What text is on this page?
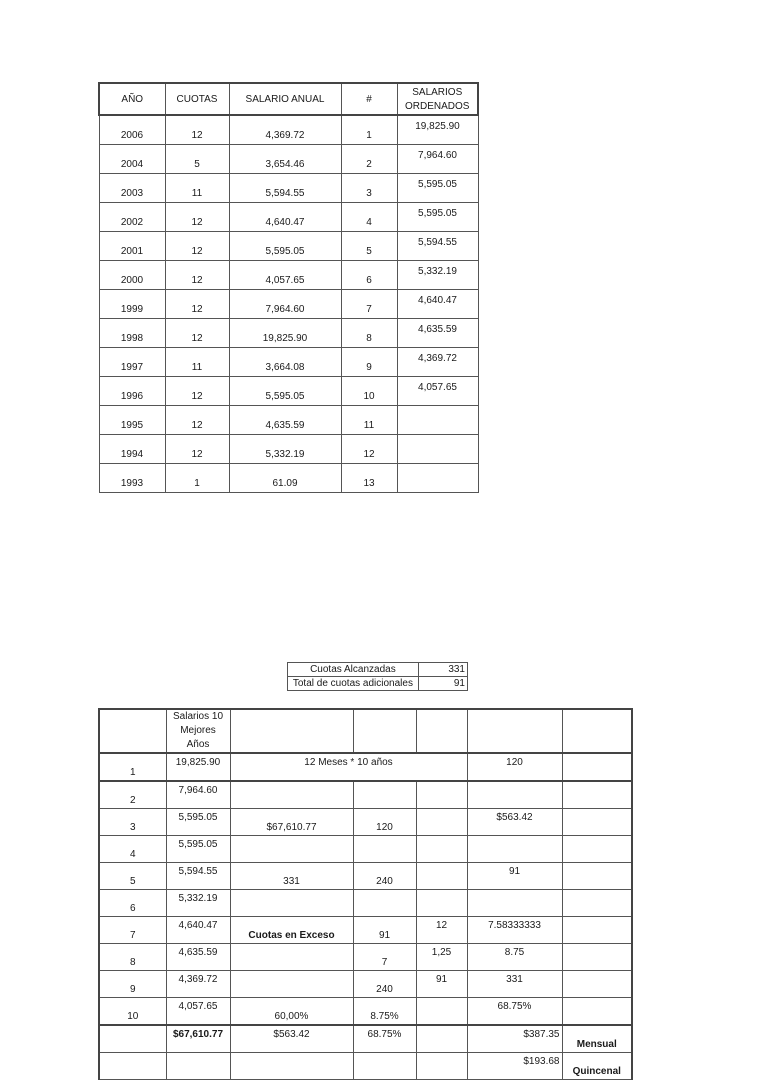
AÑO	CUOTAS	SALARIO ANUAL	#	SALARIOS ORDENADOS
2006	12	4,369.72	1	19,825.90
2004	5	3,654.46	2	7,964.60
2003	11	5,594.55	3	5,595.05
2002	12	4,640.47	4	5,595.05
2001	12	5,595.05	5	5,594.55
2000	12	4,057.65	6	5,332.19
1999	12	7,964.60	7	4,640.47
1998	12	19,825.90	8	4,635.59
1997	11	3,664.08	9	4,369.72
1996	12	5,595.05	10	4,057.65
1995	12	4,635.59	11	
1994	12	5,332.19	12	
1993	1	61.09	13	
Cuotas Alcanzadas	331
Total de cuotas adicionales	91
	Salarios 10 Mejores Años					
1	19,825.90	12 Meses * 10 años			120	
2	7,964.60					
3	5,595.05	$67,610.77	120		$563.42	
4	5,595.05					
5	5,594.55	331	240		91	
6	5,332.19					
7	4,640.47	Cuotas en Exceso	91	12	7.58333333	
8	4,635.59		7	1,25	8.75	
9	4,369.72		240	91	331	
10	4,057.65	60,00%	8.75%		68.75%	
	$67,610.77	$563.42	68.75%		$387.35	Mensual
					$193.68	Quincenal
